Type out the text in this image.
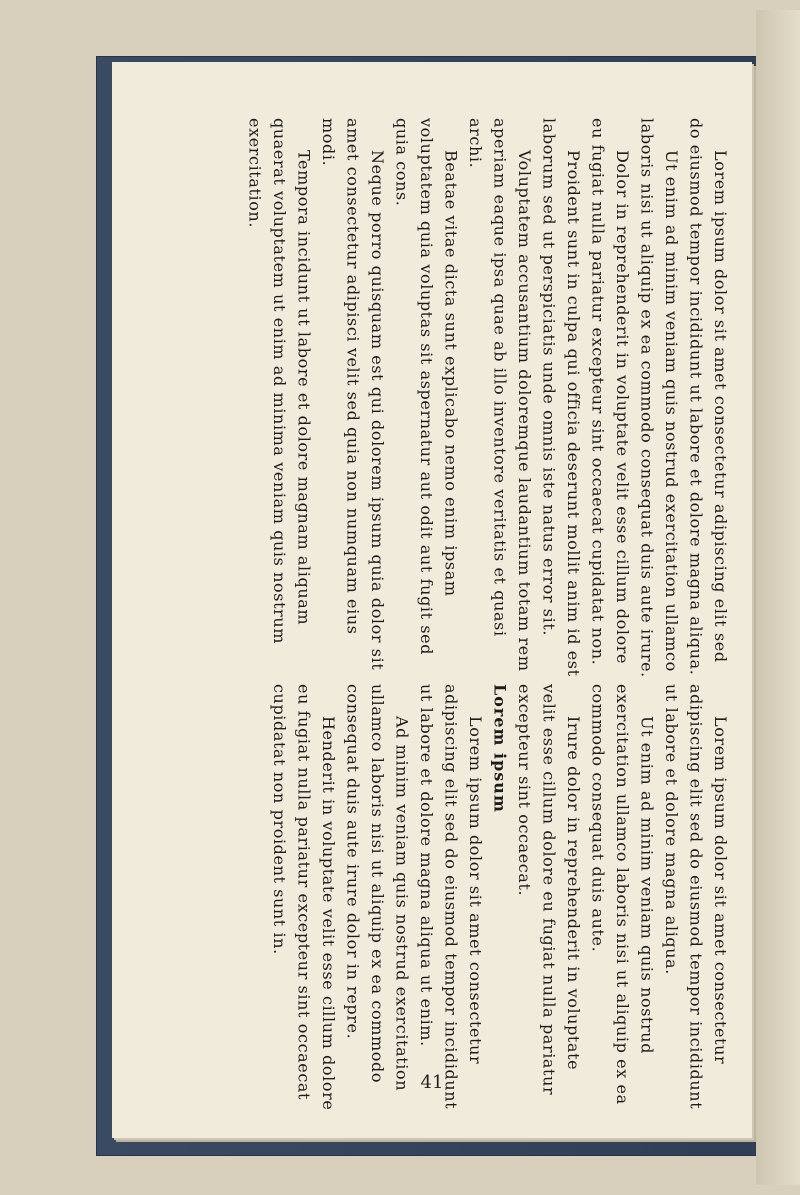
Lorem ipsum dolor sit amet consectetur adipiscing elit sed do eiusmod tempor incididunt ut labore et dolore magna aliqua.

Ut enim ad minim veniam quis nostrud exercitation ullamco laboris nisi ut aliquip ex ea commodo consequat duis aute irure.

Dolor in reprehenderit in voluptate velit esse cillum dolore eu fugiat nulla pariatur excepteur sint occaecat cupidatat non.

Proident sunt in culpa qui officia deserunt mollit anim id est laborum sed ut perspiciatis unde omnis iste natus error sit.

Voluptatem accusantium doloremque laudantium totam rem aperiam eaque ipsa quae ab illo inventore veritatis et quasi archi.

Beatae vitae dicta sunt explicabo nemo enim ipsam voluptatem quia voluptas sit aspernatur aut odit aut fugit sed quia cons.

Neque porro quisquam est qui dolorem ipsum quia dolor sit amet consectetur adipisci velit sed quia non numquam eius modi.

Tempora incidunt ut labore et dolore magnam aliquam quaerat voluptatem ut enim ad minima veniam quis nostrum exercitation.

Lorem ipsum dolor sit amet consectetur adipiscing elit sed do eiusmod tempor incididunt ut labore et dolore magna aliqua.

Ut enim ad minim veniam quis nostrud exercitation ullamco laboris nisi ut aliquip ex ea commodo consequat duis aute.

Irure dolor in reprehenderit in voluptate velit esse cillum dolore eu fugiat nulla pariatur excepteur sint occaecat.

Lorem ipsum

Lorem ipsum dolor sit amet consectetur adipiscing elit sed do eiusmod tempor incididunt ut labore et dolore magna aliqua ut enim.

Ad minim veniam quis nostrud exercitation ullamco laboris nisi ut aliquip ex ea commodo consequat duis aute irure dolor in repre.

Henderit in voluptate velit esse cillum dolore eu fugiat nulla pariatur excepteur sint occaecat cupidatat non proident sunt in.

41
